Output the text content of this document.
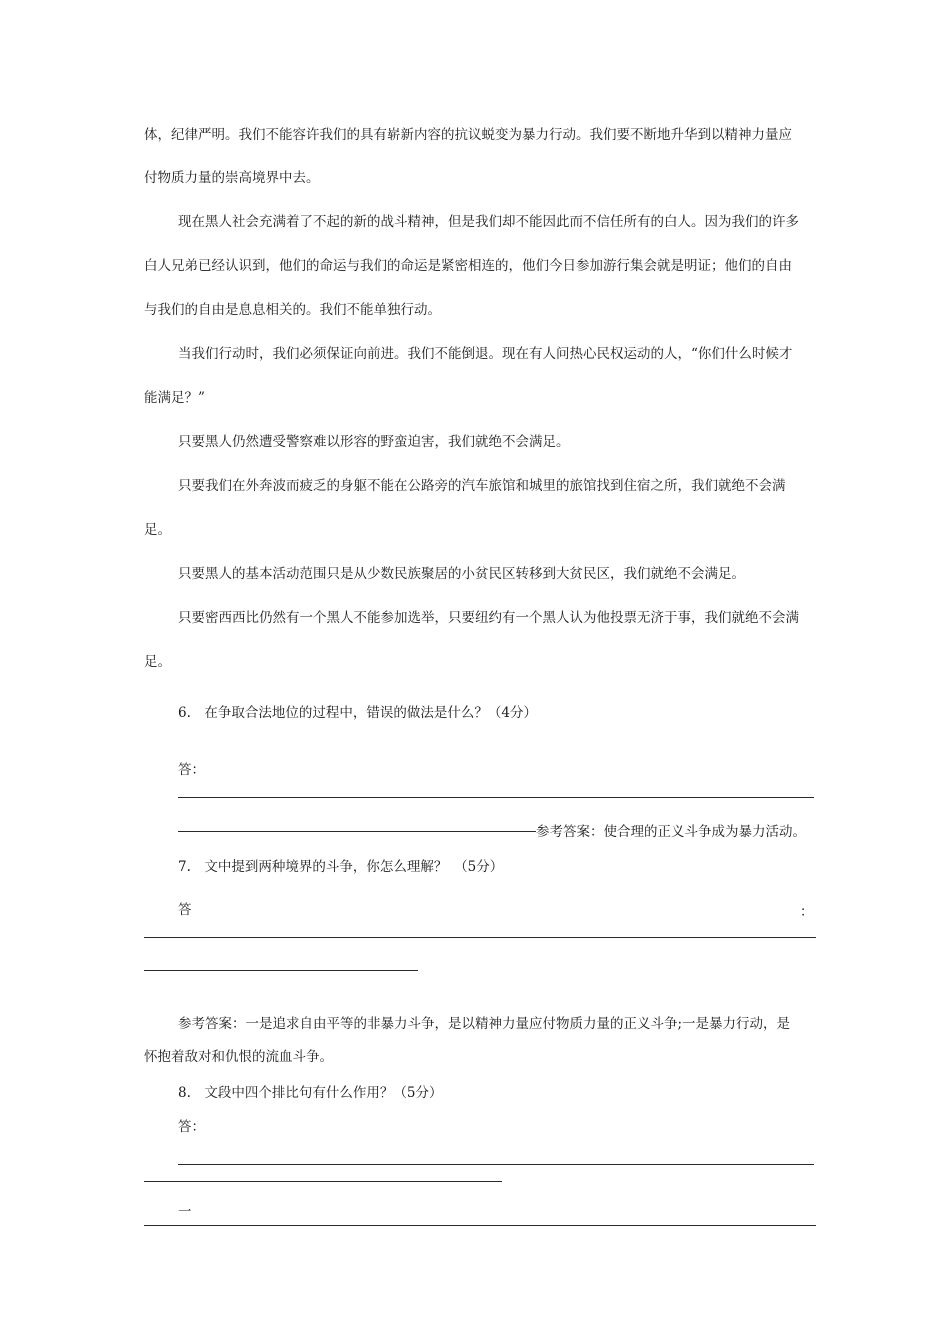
体，纪律严明。我们不能容许我们的具有崭新内容的抗议蜕变为暴力行动。我们要不断地升华到以精神力量应
付物质力量的崇高境界中去。
现在黑人社会充满着了不起的新的战斗精神，但是我们却不能因此而不信任所有的白人。因为我们的许多
白人兄弟已经认识到，他们的命运与我们的命运是紧密相连的，他们今日参加游行集会就是明证；他们的自由
与我们的自由是息息相关的。我们不能单独行动。
当我们行动时，我们必须保证向前进。我们不能倒退。现在有人问热心民权运动的人，“你们什么时候才
能满足？”
只要黑人仍然遭受警察难以形容的野蛮迫害，我们就绝不会满足。
只要我们在外奔波而疲乏的身躯不能在公路旁的汽车旅馆和城里的旅馆找到住宿之所，我们就绝不会满
足。
只要黑人的基本活动范围只是从少数民族聚居的小贫民区转移到大贫民区，我们就绝不会满足。
只要密西西比仍然有一个黑人不能参加选举，只要纽约有一个黑人认为他投票无济于事，我们就绝不会满
足。
6.　在争取合法地位的过程中，错误的做法是什么？（4分）
答：
参考答案：使合理的正义斗争成为暴力活动。
7.　文中提到两种境界的斗争，你怎么理解？　（5分）
答	：
参考答案：一是追求自由平等的非暴力斗争，是以精神力量应付物质力量的正义斗争;一是暴力行动，是
怀抱着敌对和仇恨的流血斗争。
8.　文段中四个排比句有什么作用？（5分）
答：
一
